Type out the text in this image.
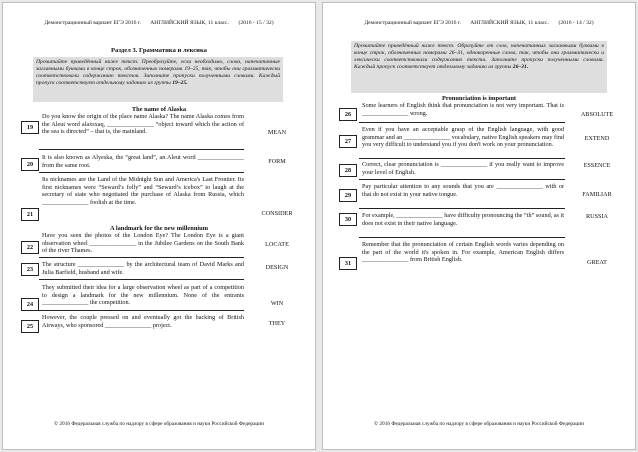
Демонстрационный вариант ЕГЭ 2016 г. АНГЛИЙСКИЙ ЯЗЫК, 11 класс. (2016 - 15 / 32)
Раздел 3. Грамматика и лексика
Прочитайте приведённый ниже текст. Преобразуйте, если необходимо, слова, напечатанные заглавными буквами в конце строк, обозначенных номерами 19–25, так, чтобы они грамматически соответствовали содержанию текстов. Заполните пропуски полученными словами. Каждый пропуск соответствует отдельному заданию из группы 19–25.
The name of Alaska
19
Do you know the origin of the place name Alaska? The name Alaska comes from the Aleut word alaxsxaq, _______________ “object toward which the action of the sea is directed” – that is, the mainland.	MEAN
20
It is also known as Alyeska, the “great land”, an Aleut word _______________ from the same root.	FORM
21
Its nicknames are the Land of the Midnight Sun and America's Last Frontier. Its first nicknames were “Seward’s folly” and “Seward’s icebox” to laugh at the secretary of state who negotiated the purchase of Alaska from Russia, which _______________ foolish at the time.
CONSIDER
A landmark for the new millennium
22
Have you seen the photos of the London Eye? The London Eye is a giant observation wheel _______________ in the Jubilee Gardens on the South Bank of the river Thames.
LOCATE
23
The structure _______________ by the architectural team of David Marks and Julia Barfield, husband and wife.
DESIGN
24
They submitted their idea for a large observation wheel as part of a competition to design a landmark for the new millennium. None of the entrants _______________ the competition.	WIN
25
However, the couple pressed on and eventually got the backing of British Airways, who sponsored _______________ project.	THEY
© 2016 Федеральная служба по надзору в сфере образования и науки Российской Федерации
Демонстрационный вариант ЕГЭ 2016 г. АНГЛИЙСКИЙ ЯЗЫК, 11 класс. (2016 - 14 / 32)
Прочитайте приведённый ниже текст. Образуйте от слов, напечатанных заглавными буквами в конце строк, обозначенных номерами 26–31, однокоренные слова, так, чтобы они грамматически и лексически соответствовали содержанию текста. Заполните пропуски полученными словами. Каждый пропуск соответствует отдельному заданию из группы 26–31.
Pronunciation is important
26
Some learners of English think that pronunciation is not very important. That is _______________ wrong.	ABSOLUTE
27
Even if you have an acceptable grasp of the English language, with good grammar and an _______________ vocabulary, native English speakers may find you very difficult to understand you if you don't work on your pronunciation.
EXTEND
28
Correct, clear pronunciation is _______________ if you really want to improve your level of English.
ESSENCE
29
Pay particular attention to any sounds that you are _______________ with or that do not exist in your native tongue.	FAMILIAR
30
For example, _______________ have difficulty pronouncing the “th” sound, as it does not exist in their native language.
RUSSIA
31
Remember that the pronunciation of certain English words varies depending on the part of the world it's spoken in. For example, American English differs _______________ from British English.	GREAT
© 2016 Федеральная служба по надзору в сфере образования и науки Российской Федерации
